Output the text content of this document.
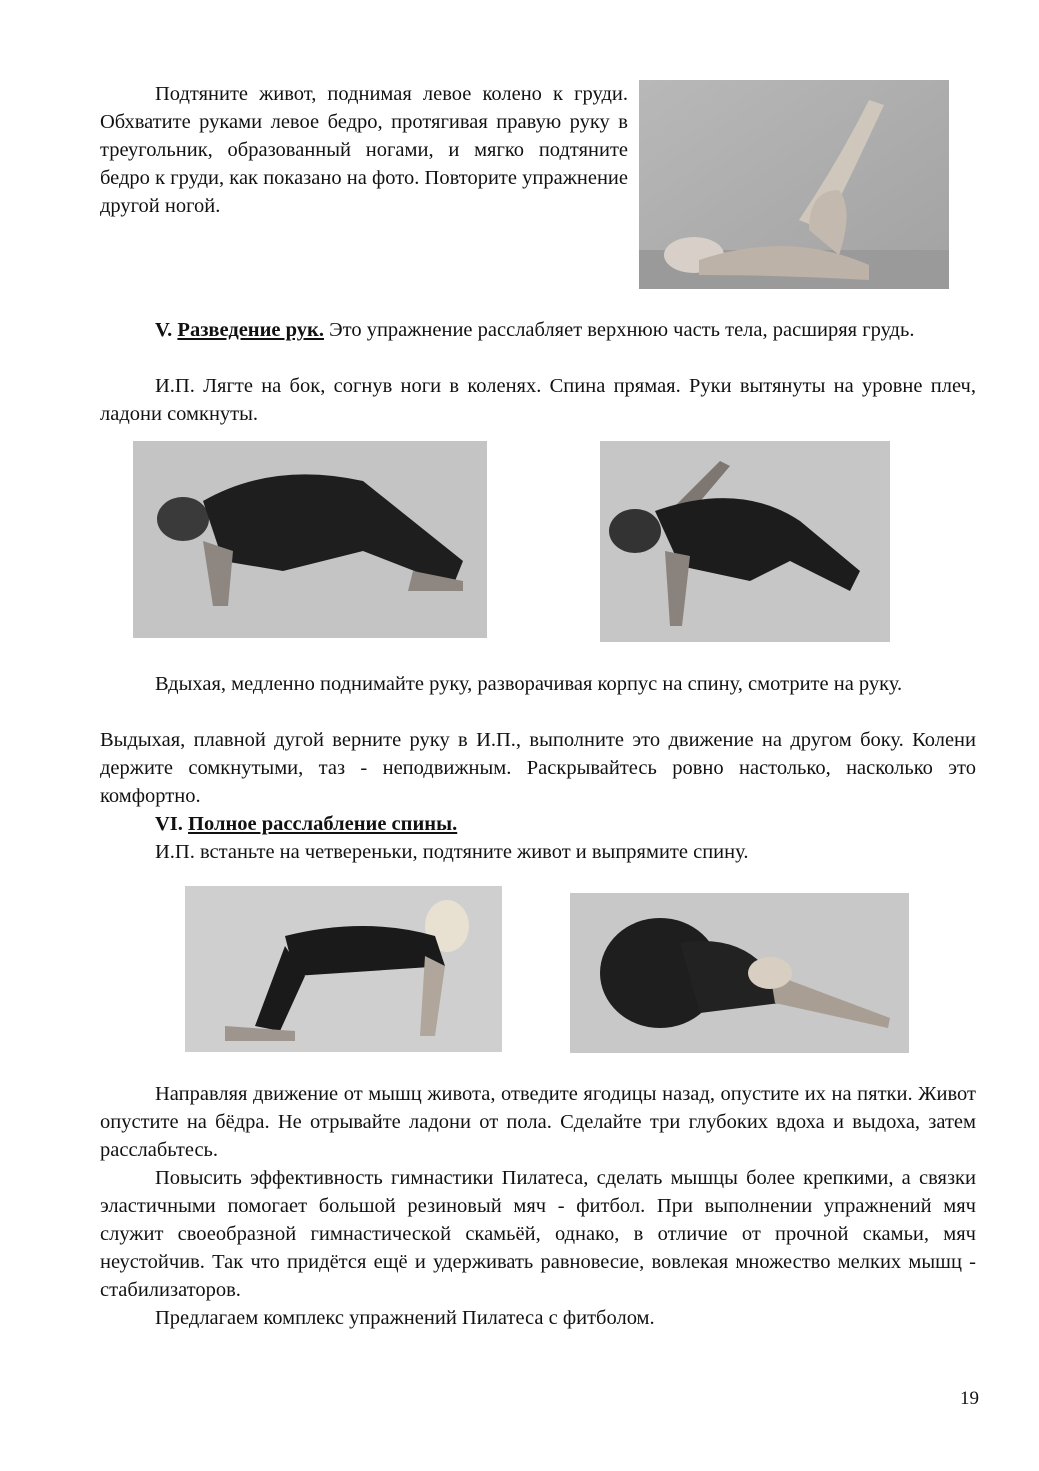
Подтяните живот, поднимая левое колено к груди. Обхватите руками левое бедро, протягивая правую руку в треугольник, образованный ногами, и мягко подтяните бедро к груди, как показано на фото. Повторите упражнение другой ногой.

V. Разведение рук. Это упражнение расслабляет верхнюю часть тела, расширяя грудь.

И.П. Лягте на бок, согнув ноги в коленях. Спина прямая. Руки вытянуты на уровне плеч, ладони сомкнуты.

Вдыхая, медленно поднимайте руку, разворачивая корпус на спину, смотрите на руку.

Выдыхая, плавной дугой верните руку в И.П., выполните это движение на другом боку. Колени держите сомкнутыми, таз - неподвижным. Раскрывайтесь ровно настолько, насколько это комфортно.

VI. Полное расслабление спины.

И.П. встаньте на четвереньки, подтяните живот и выпрямите спину.

Направляя движение от мышц живота, отведите ягодицы назад, опустите их на пятки. Живот опустите на бёдра. Не отрывайте ладони от пола. Сделайте три глубоких вдоха и выдоха, затем расслабьтесь.

Повысить эффективность гимнастики Пилатеса, сделать мышцы более крепкими, а связки эластичными помогает большой резиновый мяч - фитбол. При выполнении упражнений мяч служит своеобразной гимнастической скамьёй, однако, в отличие от прочной скамьи, мяч неустойчив. Так что придётся ещё и удерживать равновесие, вовлекая множество мелких мышц - стабилизаторов.

Предлагаем комплекс упражнений Пилатеса с фитболом.

19
